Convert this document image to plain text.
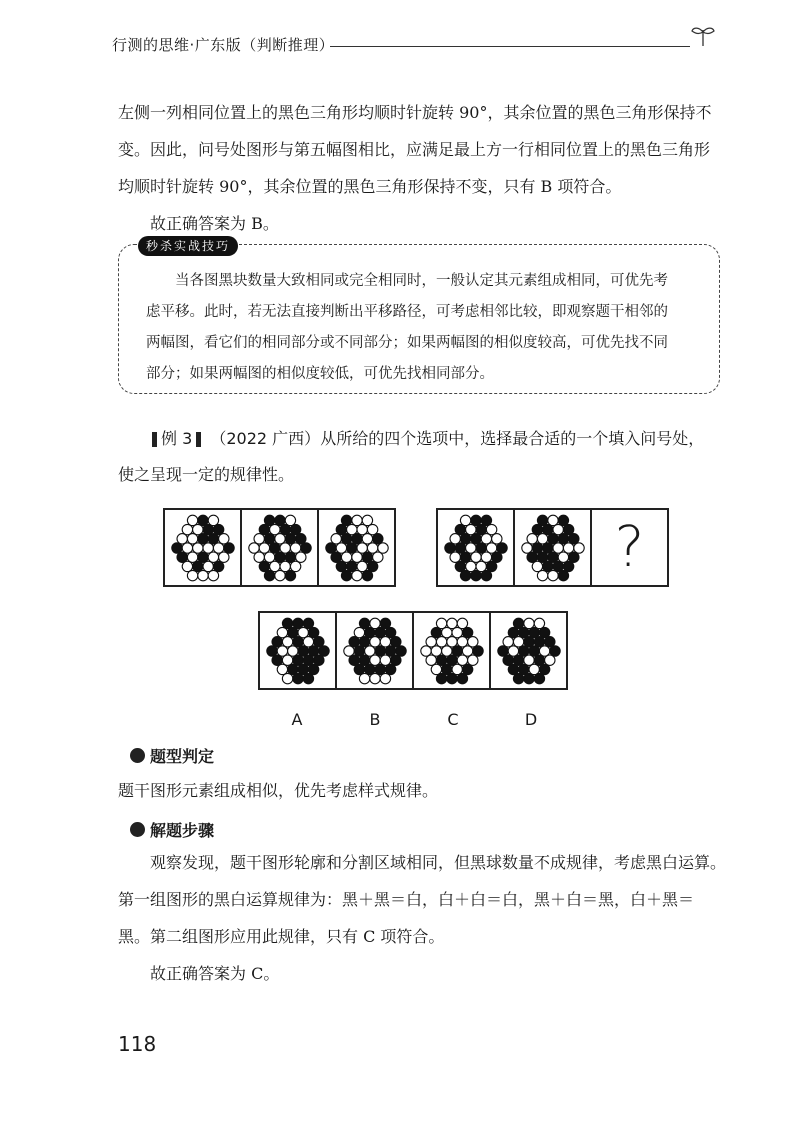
行测的思维·广东版（判断推理）
左侧一列相同位置上的黑色三角形均顺时针旋转 90°，其余位置的黑色三角形保持不
变。因此，问号处图形与第五幅图相比，应满足最上方一行相同位置上的黑色三角形
均顺时针旋转 90°，其余位置的黑色三角形保持不变，只有 B 项符合。
故正确答案为 B。
秒杀实战技巧
当各图黑块数量大致相同或完全相同时，一般认定其元素组成相同，可优先考
虑平移。此时，若无法直接判断出平移路径，可考虑相邻比较，即观察题干相邻的
两幅图，看它们的相同部分或不同部分；如果两幅图的相似度较高，可优先找不同
部分；如果两幅图的相似度较低，可优先找相同部分。
例 3 （2022 广西）从所给的四个选项中，选择最合适的一个填入问号处，
使之呈现一定的规律性。
?
A	B	C	D
题型判定
题干图形元素组成相似，优先考虑样式规律。
解题步骤
观察发现，题干图形轮廓和分割区域相同，但黑球数量不成规律，考虑黑白运算。
第一组图形的黑白运算规律为：黑＋黑＝白，白＋白＝白，黑＋白＝黑，白＋黑＝
黑。第二组图形应用此规律，只有 C 项符合。
故正确答案为 C。
118
